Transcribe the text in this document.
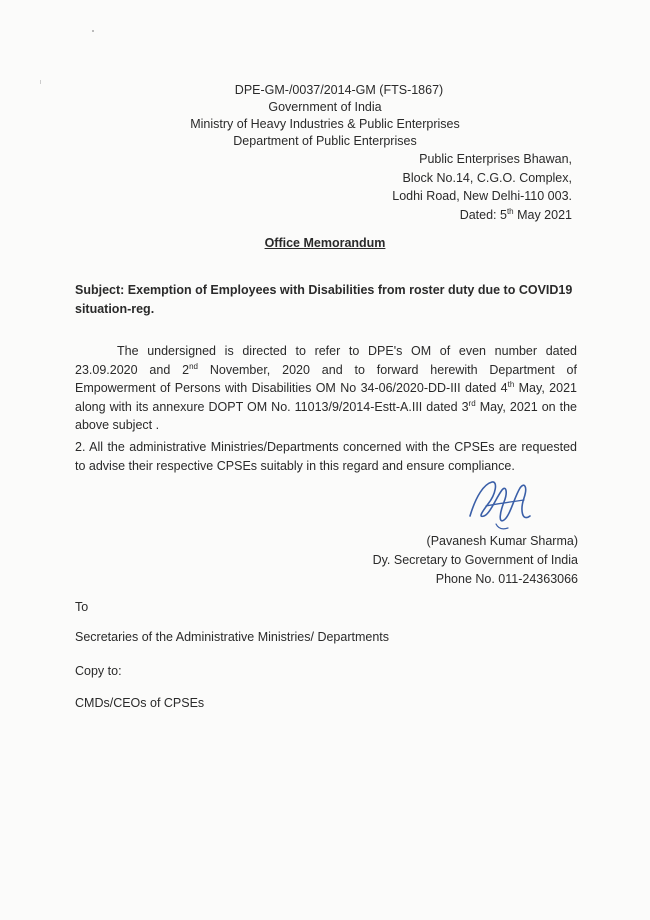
DPE-GM-/0037/2014-GM (FTS-1867)
Government of India
Ministry of Heavy Industries & Public Enterprises
Department of Public Enterprises
Public Enterprises Bhawan,
Block No.14, C.G.O. Complex,
Lodhi Road, New Delhi-110 003.
Dated: 5th May 2021
Office Memorandum
Subject: Exemption of Employees with Disabilities from roster duty due to COVID19 situation-reg.
The undersigned is directed to refer to DPE's OM of even number dated 23.09.2020 and 2nd November, 2020 and to forward herewith Department of Empowerment of Persons with Disabilities OM No 34-06/2020-DD-III dated 4th May, 2021 along with its annexure DOPT OM No. 11013/9/2014-Estt-A.III dated 3rd May, 2021 on the above subject .
2. All the administrative Ministries/Departments concerned with the CPSEs are requested to advise their respective CPSEs suitably in this regard and ensure compliance.
(Pavanesh Kumar Sharma)
Dy. Secretary to Government of India
Phone No. 011-24363066
To
Secretaries of the Administrative Ministries/ Departments
Copy to:
CMDs/CEOs of CPSEs
